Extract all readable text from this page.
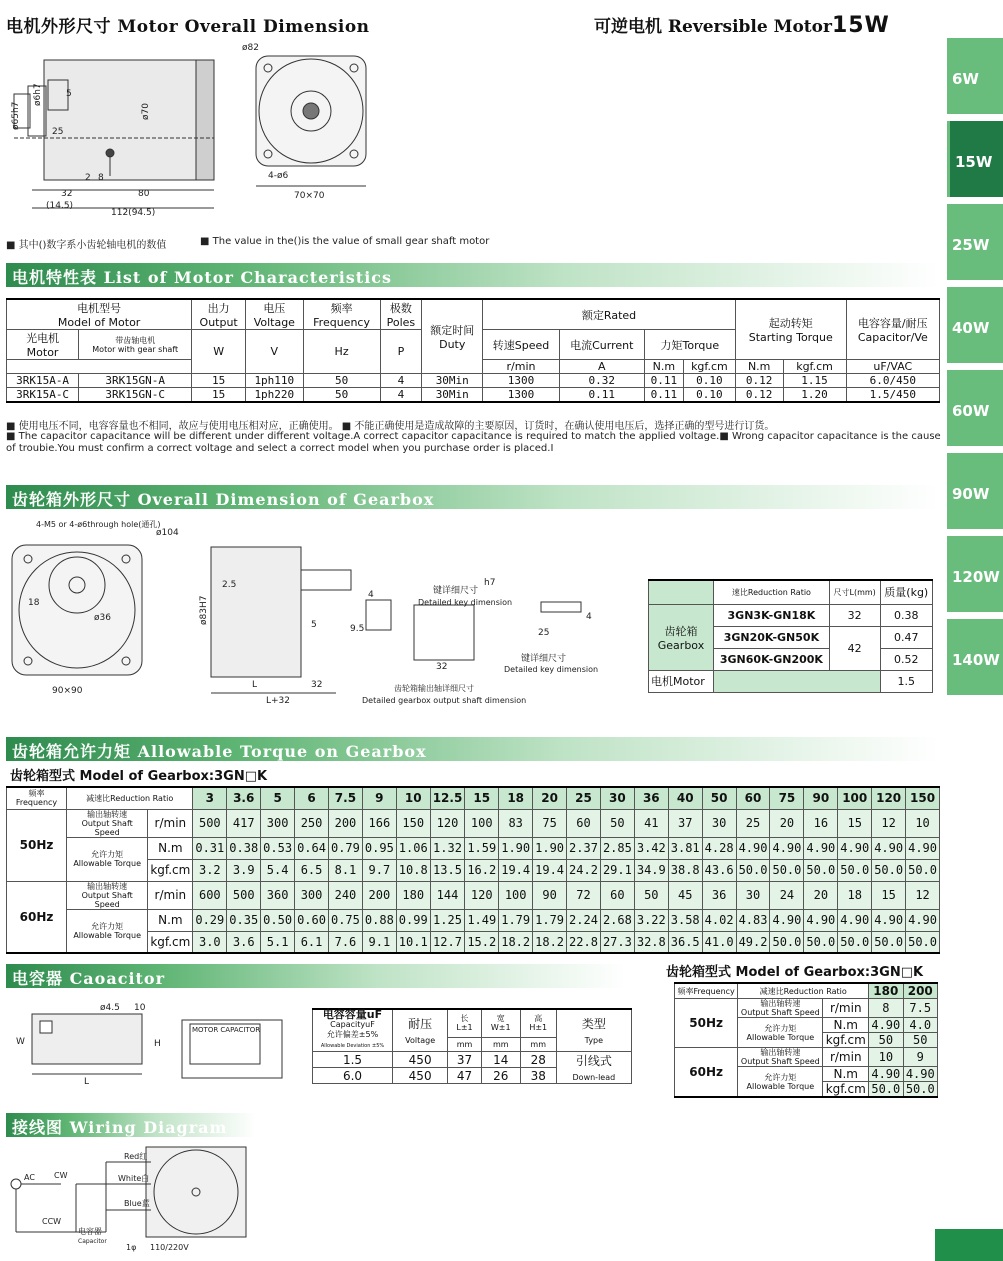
电机外形尺寸 Motor Overall Dimension	可逆电机 Reversible Motor15W
6W
15W
25W
40W
60W
90W
120W
140W
ø65h7
ø6h7	5
25
ø70
2 8
32
(14.5)
80
112(94.5)
ø82
4-ø6
70×70
■ 其中()数字系小齿轮轴电机的数值	■ The value in the()is the value of small gear shaft motor
电机特性表 List of Motor Characteristics
电机型号
Model of Motor		出力
Output	电压
Voltage	频率
Frequency	极数
Poles	额定时间
Duty	额定Rated				起动转矩
Starting Torque		电容容量/耐压
Capacitor/Ve
光电机
Motor	带齿轴电机
Motor with gear shaft	W	V	Hz	P		转速Speed	电流Current	力矩Torque				
							r/min	A	N.m	kgf.cm	N.m	kgf.cm	uF/VAC
3RK15A-A	3RK15GN-A	15	1ph110	50	4	30Min	1300	0.32	0.11	0.10	0.12	1.15	6.0/450
3RK15A-C	3RK15GN-C	15	1ph220	50	4	30Min	1300	0.11	0.11	0.10	0.12	1.20	1.5/450
■ 使用电压不同，电容容量也不相同，故应与使用电压相对应，正确使用。 ■ 不能正确使用是造成故障的主要原因，订货时，在确认使用电压后，选择正确的型号进行订货。
■ The capacitor capacitance will be different under different voltage.A correct capacitor capacitance is required to match the applied voltage.■ Wrong capacitor capacitance is the cause of troubie.You must confirm a correct voltage and select a correct model when you purchase order is placed.I
齿轮箱外形尺寸 Overall Dimension of Gearbox
4-M5 or 4-ø6through hole(通孔)
ø104
18
ø36
90×90
ø83H7
2.5
5
32
L
L+32
9.5
4
32
25
4
h7
键详细尺寸
Detailed key dimension
键详细尺寸
Detailed key dimension
齿轮箱输出轴详细尺寸
Detailed gearbox output shaft dimension
	速比Reduction Ratio	尺寸L(mm)	质量(kg)
齿轮箱
Gearbox	3GN3K-GN18K	32	0.38
	3GN20K-GN50K	42	0.47
	3GN60K-GN200K		0.52
电机Motor			1.5
齿轮箱允许力矩 Allowable Torque on Gearbox
齿轮箱型式 Model of Gearbox:3GN□K
频率Frequency	减速比Reduction Ratio		3	3.6	5	6	7.5	9	10	12.5	15	18	20	25	30	36	40	50	60	75	90	100	120	150
50Hz	输出轴转速
Output Shaft Speed	r/min	500	417	300	250	200	166	150	120	100	83	75	60	50	41	37	30	25	20	16	15	12	10
	允许力矩
Allowable Torque	N.m	0.31	0.38	0.53	0.64	0.79	0.95	1.06	1.32	1.59	1.90	1.90	2.37	2.85	3.42	3.81	4.28	4.90	4.90	4.90	4.90	4.90	4.90
		kgf.cm	3.2	3.9	5.4	6.5	8.1	9.7	10.8	13.5	16.2	19.4	19.4	24.2	29.1	34.9	38.8	43.6	50.0	50.0	50.0	50.0	50.0	50.0
60Hz	输出轴转速
Output Shaft Speed	r/min	600	500	360	300	240	200	180	144	120	100	90	72	60	50	45	36	30	24	20	18	15	12
	允许力矩
Allowable Torque	N.m	0.29	0.35	0.50	0.60	0.75	0.88	0.99	1.25	1.49	1.79	1.79	2.24	2.68	3.22	3.58	4.02	4.83	4.90	4.90	4.90	4.90	4.90
		kgf.cm	3.0	3.6	5.1	6.1	7.6	9.1	10.1	12.7	15.2	18.2	18.2	22.8	27.3	32.8	36.5	41.0	49.2	50.0	50.0	50.0	50.0	50.0
电容器 Caoacitor
ø4.5
W
L
H
10
MOTOR CAPACITOR
电容容量uF
CapacityuF
允许偏差±5%
Allowable Deviation ±5%	耐压
Voltage	长
L±1	宽
W±1	高
H±1	类型
Type
		mm	mm	mm	
1.5	450	37	14	28	引线式
Down-lead
6.0	450	47	26	38	
齿轮箱型式 Model of Gearbox:3GN□K
频率Frequency	减速比Reduction Ratio		180	200
50Hz	输出轴转速
Output Shaft Speed	r/min	8	7.5
	允许力矩
Allowable Torque	N.m	4.90	4.0
		kgf.cm	50	50
60Hz	输出轴转速
Output Shaft Speed	r/min	10	9
	允许力矩
Allowable Torque	N.m	4.90	4.90
		kgf.cm	50.0	50.0
接线图 Wiring Diagram
Red红
White白
Blue蓝
AC CW
CCW
电容器
Capacitor
1φ 110/220V
